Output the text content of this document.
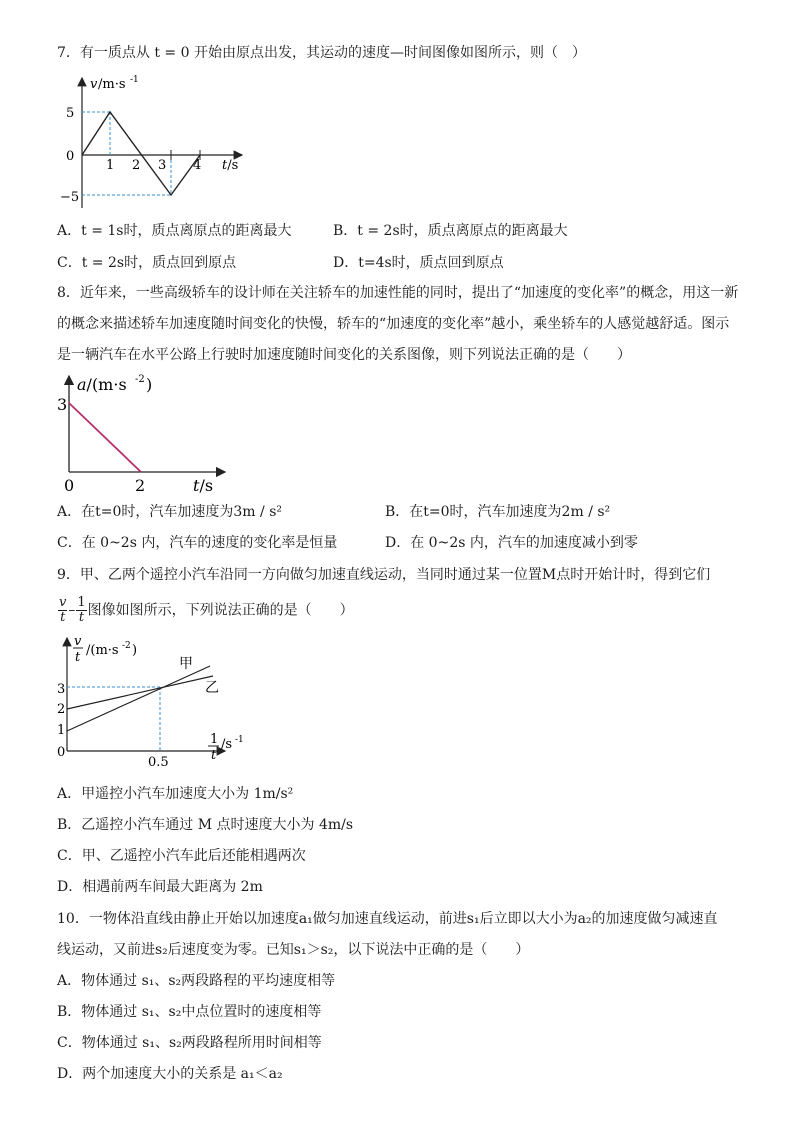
7．有一质点从 t = 0 开始由原点出发，其运动的速度—时间图像如图所示，则（　）
v /m·s -1
5
0
−5
1 2 3 4 t/s
A．t = 1s时，质点离原点的距离最大	B．t = 2s时，质点离原点的距离最大
C．t = 2s时，质点回到原点	D．t=4s时，质点回到原点
8．近年来，一些高级轿车的设计师在关注轿车的加速性能的同时，提出了“加速度的变化率”的概念，用这一新
的概念来描述轿车加速度随时间变化的快慢，轿车的“加速度的变化率”越小，乘坐轿车的人感觉越舒适。图示
是一辆汽车在水平公路上行驶时加速度随时间变化的关系图像，则下列说法正确的是（　　）
a/(m·s -2 )
3
0	2	t/s
A．在t=0时，汽车加速度为3m / s²	B．在t=0时，汽车加速度为2m / s²
C．在 0~2s 内，汽车的速度的变化率是恒量	D．在 0~2s 内，汽车的加速度减小到零
9．甲、乙两个遥控小汽车沿同一方向做匀加速直线运动，当同时通过某一位置M点时开始计时，得到它们
$\frac{v}{t} - \frac{1}{t}$ 图像如图所示，下列说法正确的是（　　）
v
t /(m·s -2 )
3
2
1
0
0.5
1
t
/s -1
甲
乙
A．甲遥控小汽车加速度大小为 1m/s²
B．乙遥控小汽车通过 M 点时速度大小为 4m/s
C．甲、乙遥控小汽车此后还能相遇两次
D．相遇前两车间最大距离为 2m
10．一物体沿直线由静止开始以加速度a₁做匀加速直线运动，前进s₁后立即以大小为a₂的加速度做匀减速直
线运动，又前进s₂后速度变为零。已知s₁＞s₂，以下说法中正确的是（　　）
A．物体通过 s₁、s₂两段路程的平均速度相等
B．物体通过 s₁、s₂中点位置时的速度相等
C．物体通过 s₁、s₂两段路程所用时间相等
D．两个加速度大小的关系是 a₁＜a₂
